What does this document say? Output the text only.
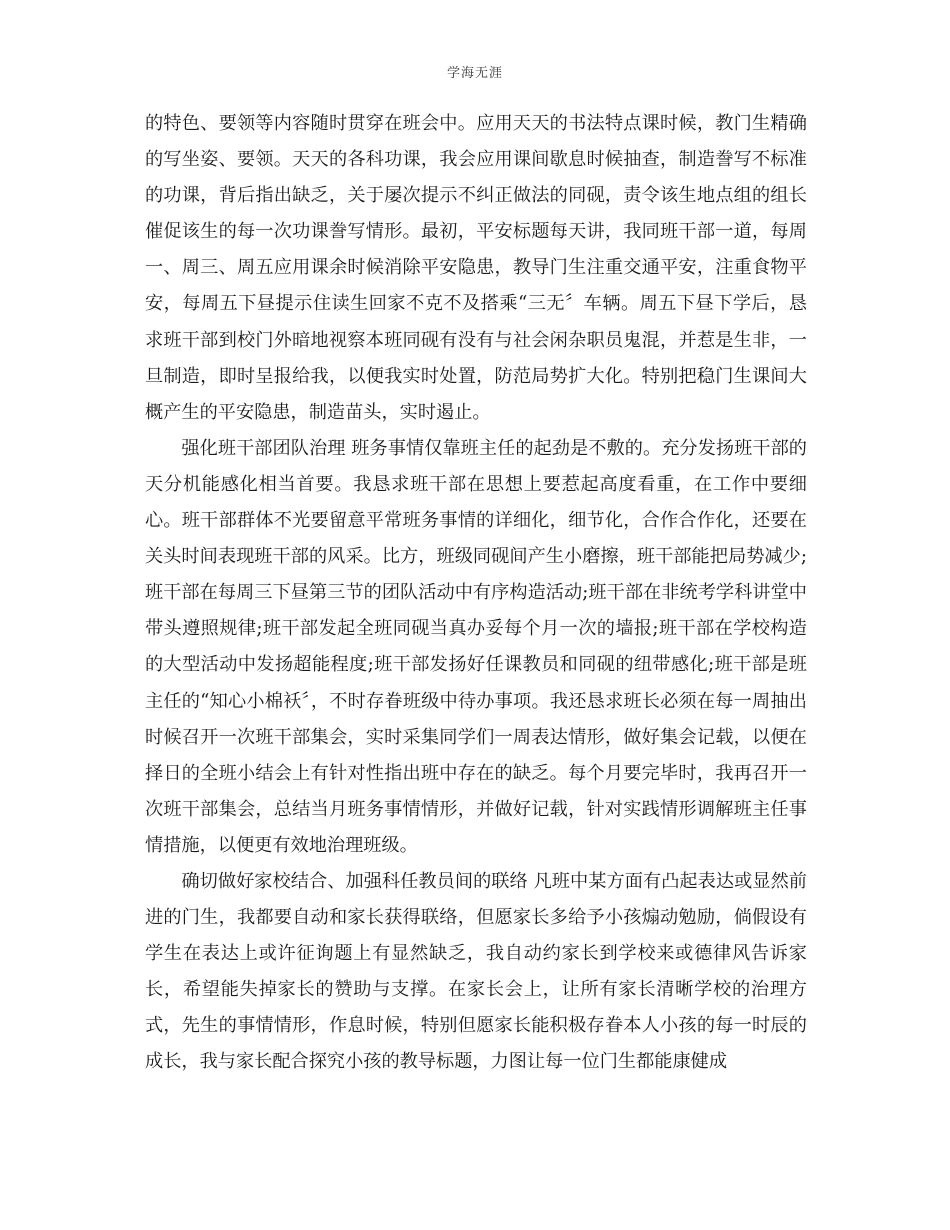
学海无涯

的特色、要领等内容随时贯穿在班会中。应用天天的书法特点课时候，教门生精确的写坐姿、要领。天天的各科功课，我会应用课间歇息时候抽查，制造誊写不标准的功课，背后指出缺乏，关于屡次提示不纠正做法的同砚，责令该生地点组的组长催促该生的每一次功课誊写情形。最初，平安标题每天讲，我同班干部一道，每周一、周三、周五应用课余时候消除平安隐患，教导门生注重交通平安，注重食物平安，每周五下昼提示住读生回家不克不及搭乘“三无〞车辆。周五下昼下学后，恳求班干部到校门外暗地视察本班同砚有没有与社会闲杂职员鬼混，并惹是生非，一旦制造，即时呈报给我，以便我实时处置，防范局势扩大化。特别把稳门生课间大概产生的平安隐患，制造苗头，实时遏止。

强化班干部团队治理 班务事情仅靠班主任的起劲是不敷的。充分发扬班干部的天分机能感化相当首要。我恳求班干部在思想上要惹起高度看重，在工作中要细心。班干部群体不光要留意平常班务事情的详细化，细节化，合作合作化，还要在关头时间表现班干部的风采。比方，班级同砚间产生小磨擦，班干部能把局势减少;班干部在每周三下昼第三节的团队活动中有序构造活动;班干部在非统考学科讲堂中带头遵照规律;班干部发起全班同砚当真办妥每个月一次的墙报;班干部在学校构造的大型活动中发扬超能程度;班干部发扬好任课教员和同砚的纽带感化;班干部是班主任的“知心小棉袄〞，不时存眷班级中待办事项。我还恳求班长必须在每一周抽出时候召开一次班干部集会，实时采集同学们一周表达情形，做好集会记载，以便在择日的全班小结会上有针对性指出班中存在的缺乏。每个月要完毕时，我再召开一次班干部集会，总结当月班务事情情形，并做好记载，针对实践情形调解班主任事情措施，以便更有效地治理班级。

确切做好家校结合、加强科任教员间的联络 凡班中某方面有凸起表达或显然前进的门生，我都要自动和家长获得联络，但愿家长多给予小孩煽动勉励，倘假设有学生在表达上或许征询题上有显然缺乏，我自动约家长到学校来或德律风告诉家长，希望能失掉家长的赞助与支撑。在家长会上，让所有家长清晰学校的治理方式，先生的事情情形，作息时候，特别但愿家长能积极存眷本人小孩的每一时辰的成长，我与家长配合探究小孩的教导标题，力图让每一位门生都能康健成
